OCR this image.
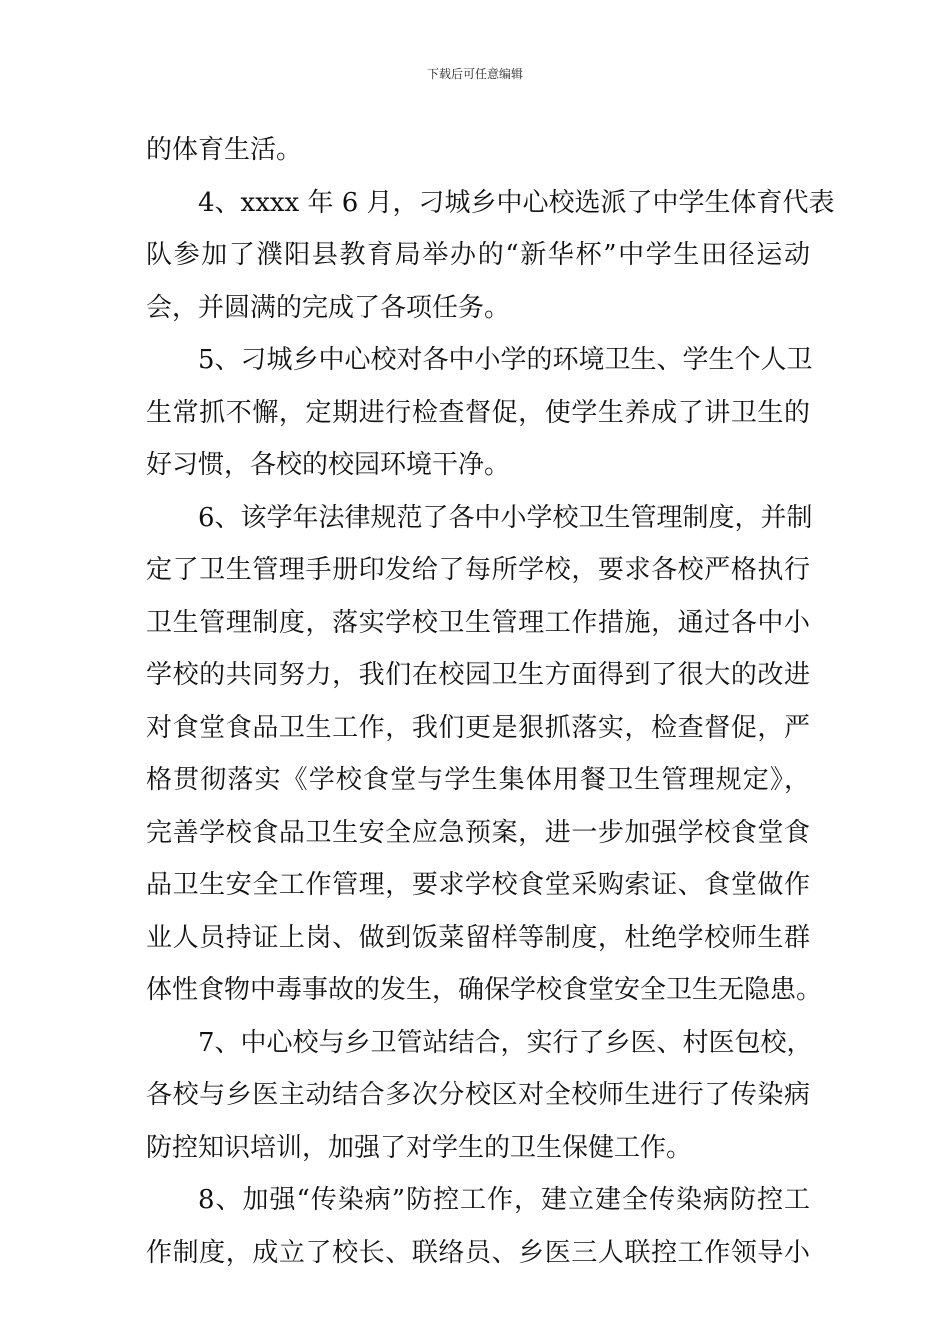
下载后可任意编辑
的体育生活。
4、xxxx 年 6 月，刁城乡中心校选派了中学生体育代表
队参加了濮阳县教育局举办的“新华杯”中学生田径运动
会，并圆满的完成了各项任务。
5、刁城乡中心校对各中小学的环境卫生、学生个人卫
生常抓不懈，定期进行检查督促，使学生养成了讲卫生的
好习惯，各校的校园环境干净。
6、该学年法律规范了各中小学校卫生管理制度，并制
定了卫生管理手册印发给了每所学校，要求各校严格执行
卫生管理制度，落实学校卫生管理工作措施，通过各中小
学校的共同努力，我们在校园卫生方面得到了很大的改进
对食堂食品卫生工作，我们更是狠抓落实，检查督促，严
格贯彻落实《学校食堂与学生集体用餐卫生管理规定》，
完善学校食品卫生安全应急预案，进一步加强学校食堂食
品卫生安全工作管理，要求学校食堂采购索证、食堂做作
业人员持证上岗、做到饭菜留样等制度，杜绝学校师生群
体性食物中毒事故的发生，确保学校食堂安全卫生无隐患。
7、中心校与乡卫管站结合，实行了乡医、村医包校，
各校与乡医主动结合多次分校区对全校师生进行了传染病
防控知识培训，加强了对学生的卫生保健工作。
8、加强“传染病”防控工作，建立建全传染病防控工
作制度，成立了校长、联络员、乡医三人联控工作领导小
